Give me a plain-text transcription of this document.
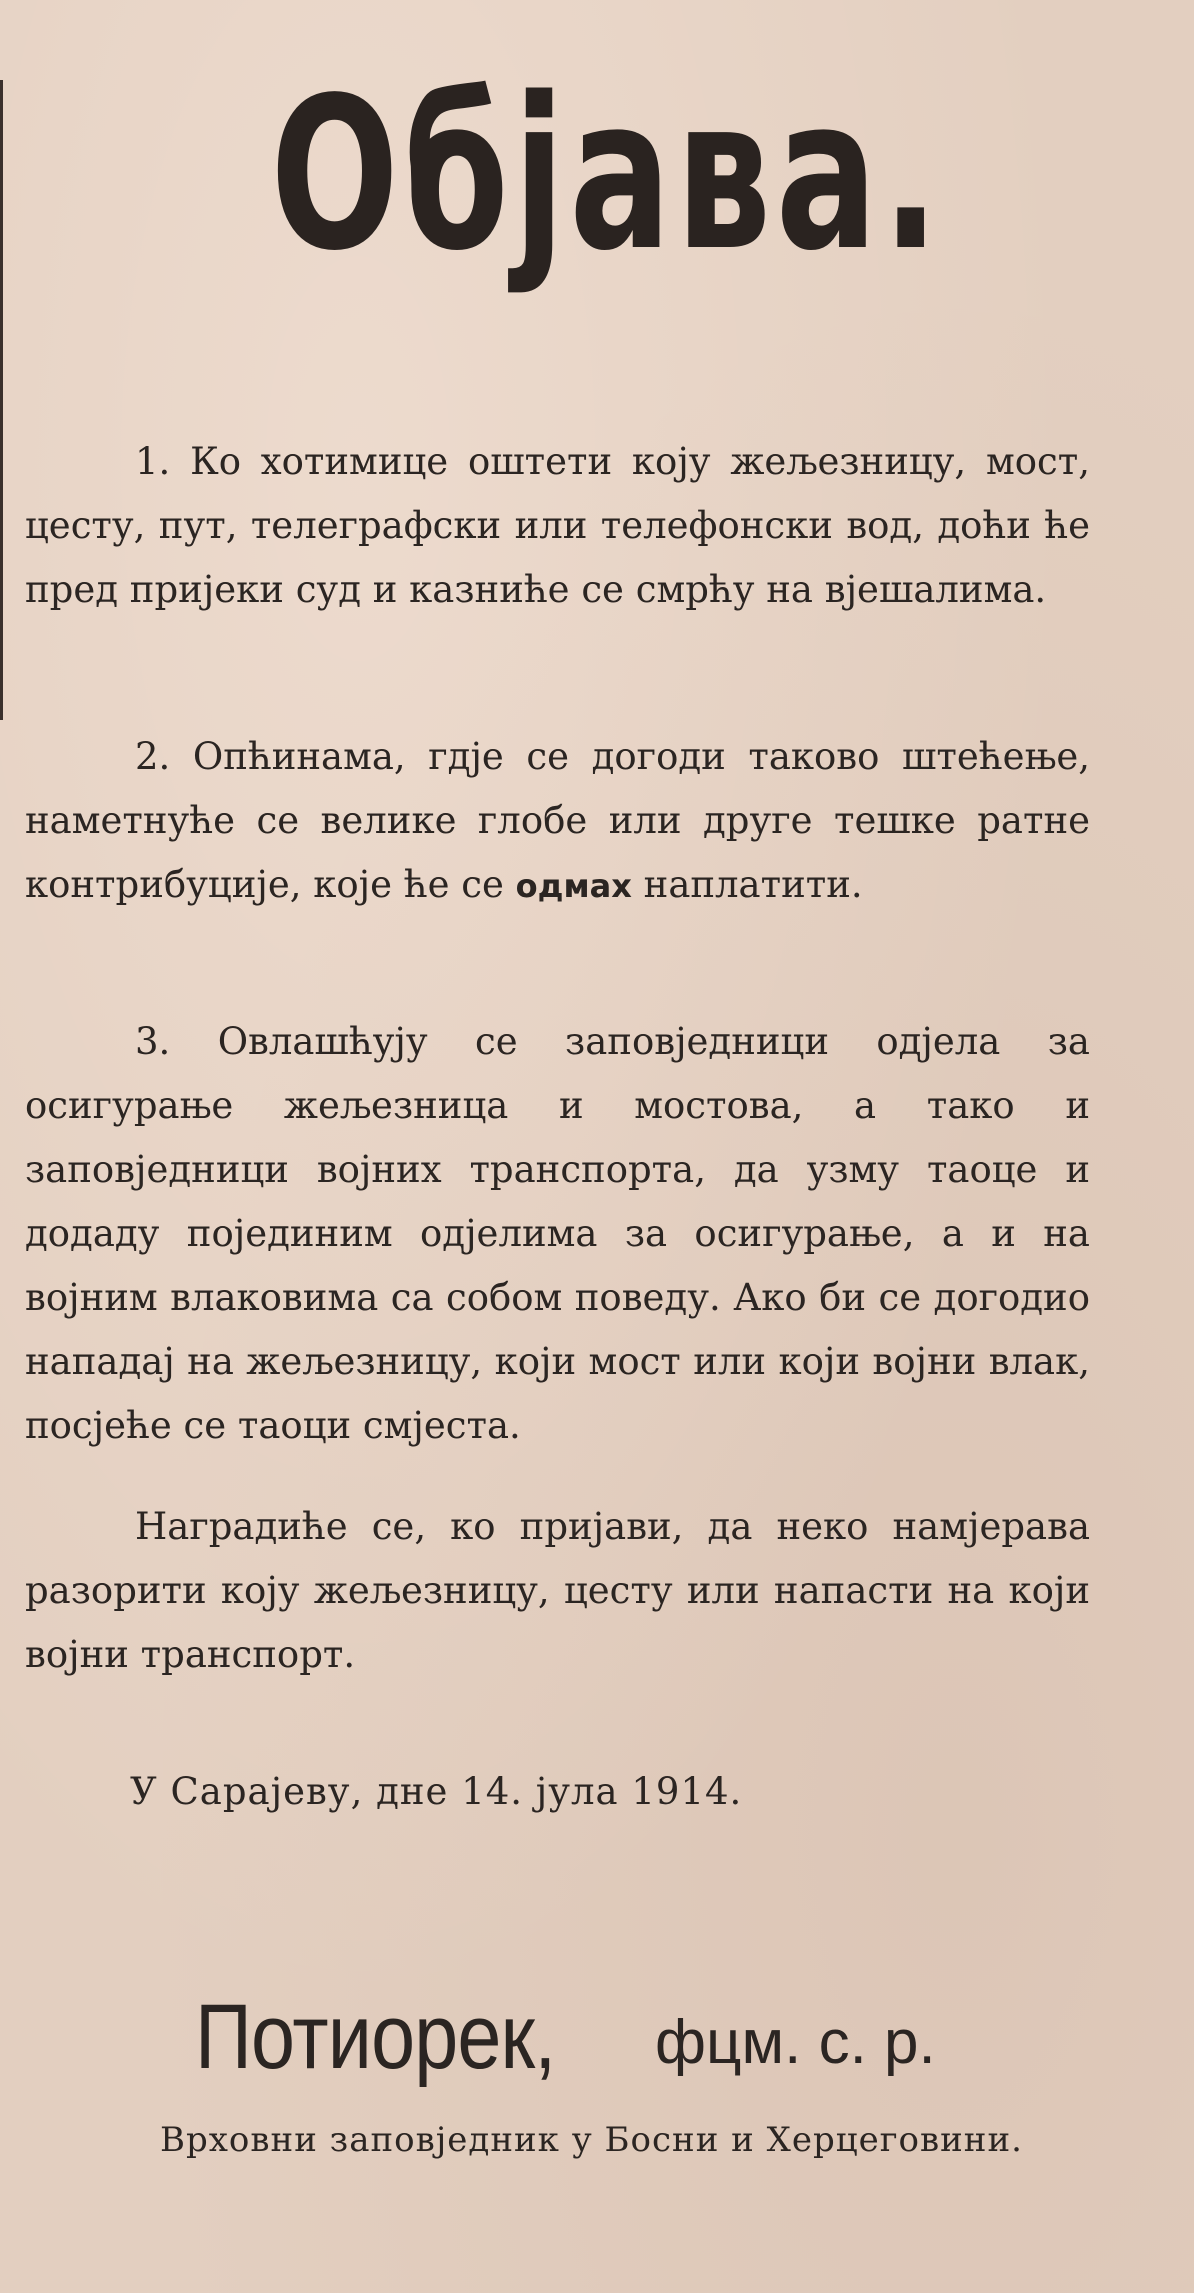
Објава.

1. Ко хотимице оштети коју жељезницу, мост, цесту, пут, телеграфски или телефонски вод, доћи ће пред пријеки суд и казниће се смрћу на вјешалима.

2. Опћинама, гдје се догоди таково штећење, наметнуће се велике глобе или друге тешке ратне контрибуције, које ће се одмах наплатити.

3. Овлашћују се заповједници одјела за осигурање жељезница и мостова, а тако и заповједници војних транспорта, да узму таоце и додаду појединим одјелима за осигурање, а и на војним влаковима са собом поведу. Ако би се догодио нападај на жељезницу, који мост или који војни влак, посјеће се таоци смјеста.

Наградиће се, ко пријави, да неко намјерава разорити коју жељезницу, цесту или напасти на који војни транспорт.

У Сарајеву, дне 14. јула 1914.
Потиорек, фцм. с. р.
Врховни заповједник у Босни и Херцеговини.
